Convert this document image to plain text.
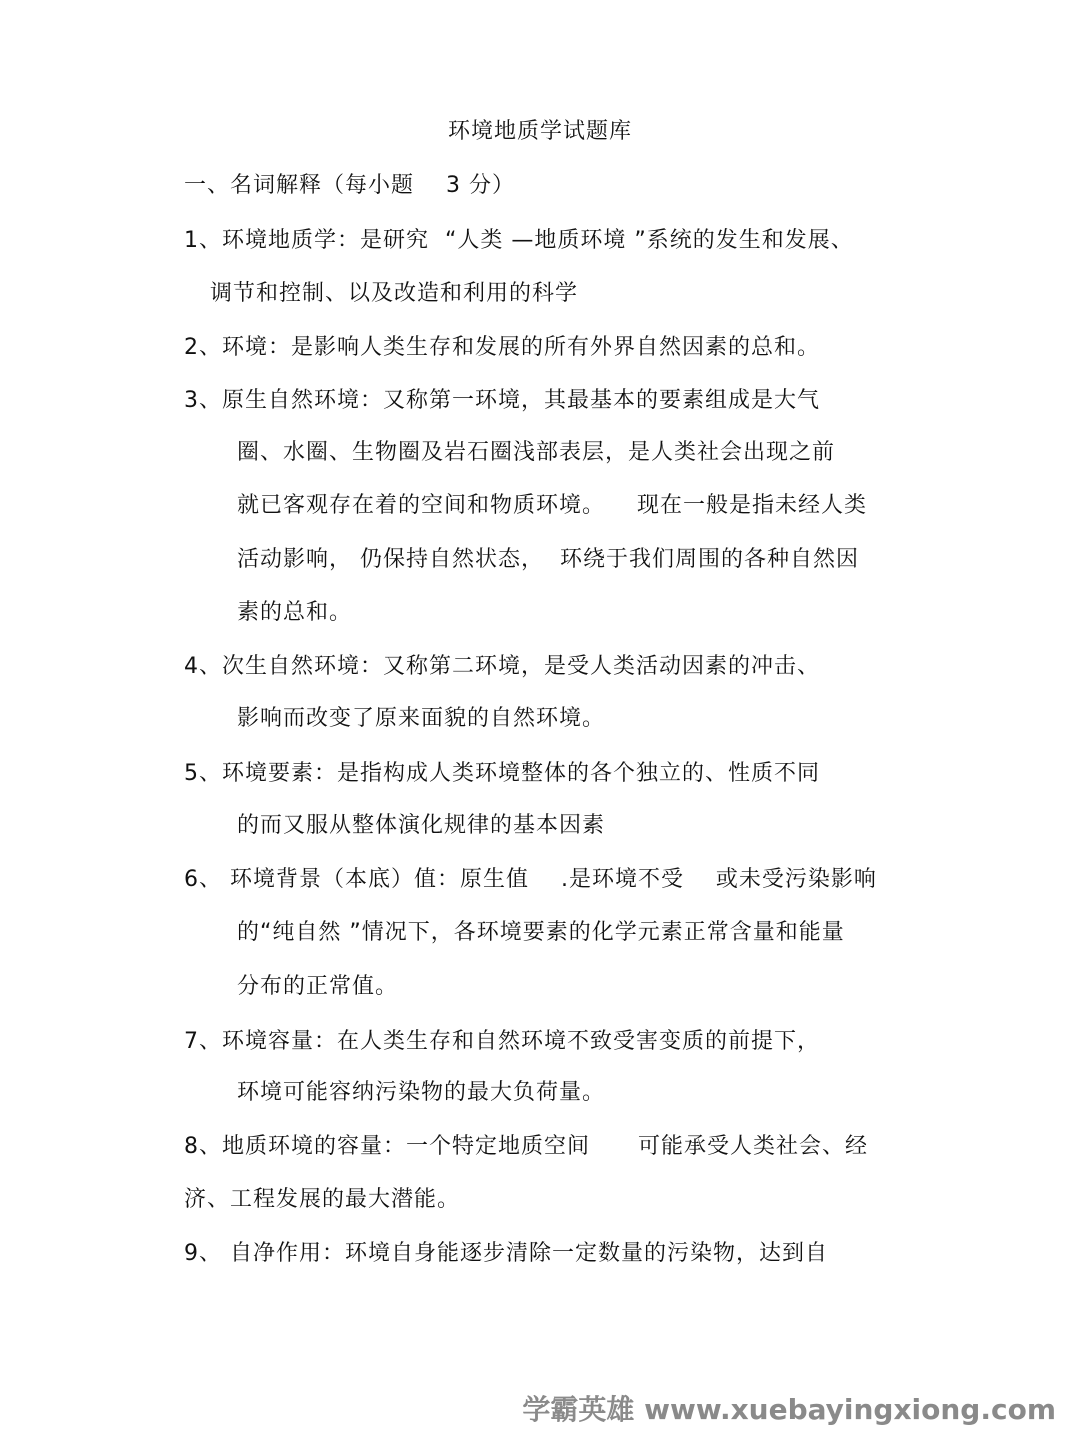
环境地质学试题库
一、名词解释（每小题    3 分）
1、环境地质学：是研究  “人类 —地质环境 ”系统的发生和发展、
调节和控制、以及改造和利用的科学
2、环境：是影响人类生存和发展的所有外界自然因素的总和。
3、原生自然环境：又称第一环境，其最基本的要素组成是大气
圈、水圈、生物圈及岩石圈浅部表层，是人类社会出现之前
就已客观存在着的空间和物质环境。    现在一般是指未经人类
活动影响， 仍保持自然状态，  环绕于我们周围的各种自然因
素的总和。
4、次生自然环境：又称第二环境，是受人类活动因素的冲击、
影响而改变了原来面貌的自然环境。
5、环境要素：是指构成人类环境整体的各个独立的、性质不同
的而又服从整体演化规律的基本因素
6、 环境背景（本底）值：原生值    .是环境不受    或未受污染影响
的“纯自然 ”情况下，各环境要素的化学元素正常含量和能量
分布的正常值。
7、环境容量：在人类生存和自然环境不致受害变质的前提下，
环境可能容纳污染物的最大负荷量。
8、地质环境的容量：一个特定地质空间      可能承受人类社会、经
济、工程发展的最大潜能。
9、 自净作用：环境自身能逐步清除一定数量的污染物，达到自
学霸英雄 www.xuebayingxiong.com
